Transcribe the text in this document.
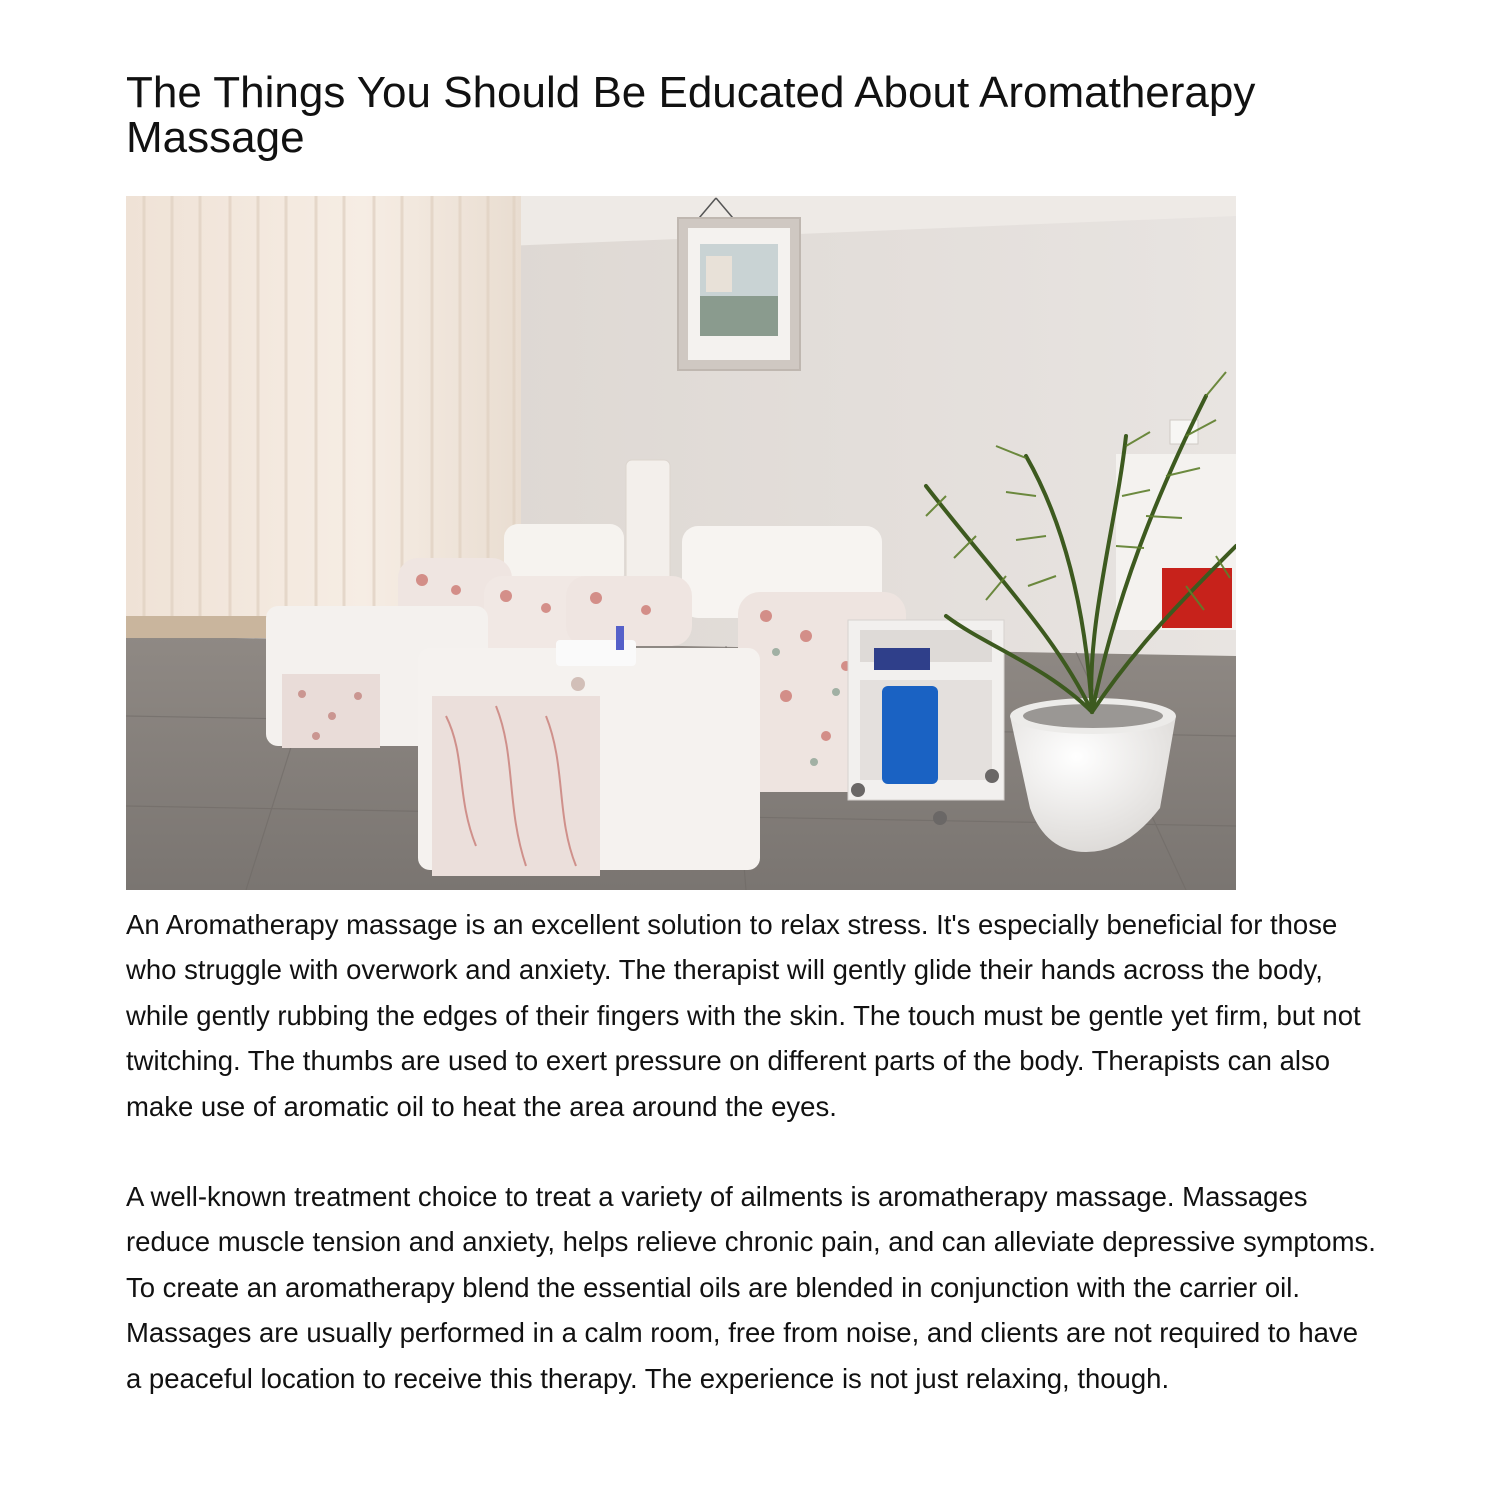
The Things You Should Be Educated About Aromatherapy Massage

An Aromatherapy massage is an excellent solution to relax stress. It's especially beneficial for those who struggle with overwork and anxiety. The therapist will gently glide their hands across the body, while gently rubbing the edges of their fingers with the skin. The touch must be gentle yet firm, but not twitching. The thumbs are used to exert pressure on different parts of the body. Therapists can also make use of aromatic oil to heat the area around the eyes.

A well-known treatment choice to treat a variety of ailments is aromatherapy massage. Massages reduce muscle tension and anxiety, helps relieve chronic pain, and can alleviate depressive symptoms. To create an aromatherapy blend the essential oils are blended in conjunction with the carrier oil. Massages are usually performed in a calm room, free from noise, and clients are not required to have a peaceful location to receive this therapy. The experience is not just relaxing, though.
